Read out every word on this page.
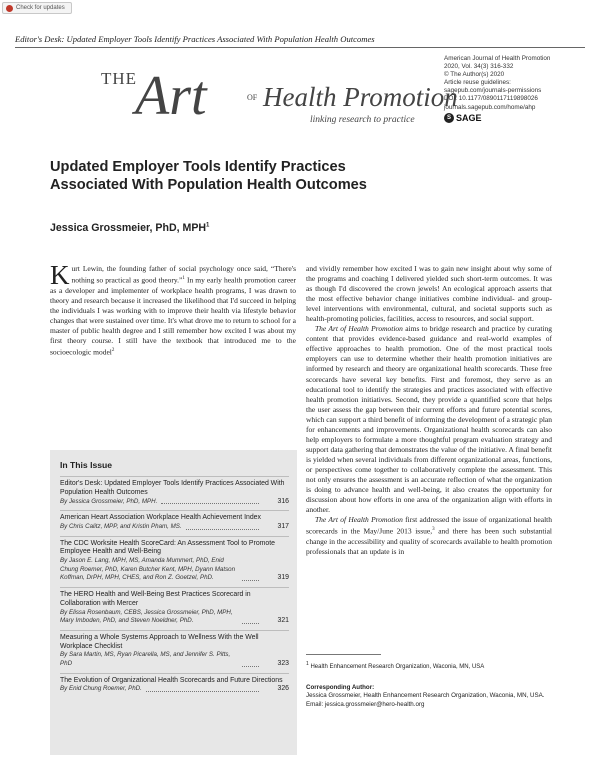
Check for updates
Editor's Desk: Updated Employer Tools Identify Practices Associated With Population Health Outcomes
THE
Art	OF Health Promotion
linking research to practice
American Journal of Health Promotion
2020, Vol. 34(3) 316-332
© The Author(s) 2020
Article reuse guidelines:
sagepub.com/journals-permissions
DOI: 10.1177/0890117119898026
journals.sagepub.com/home/ahp
S SAGE
Updated Employer Tools Identify Practices
Associated With Population Health Outcomes
Jessica Grossmeier, PhD, MPH$^1$

Kurt Lewin, the founding father of social psychology once said, “There's nothing so practical as good theory.”$^1$ In my early health promotion career as a developer and implementer of workplace health programs, I was drawn to theory and research because it increased the likelihood that I'd succeed in helping the individuals I was working with to improve their health via lifestyle behavior changes that were sustained over time. It's what drove me to return to school for a master of public health degree and I still remember how excited I was about my first theory course. I still have the textbook that introduced me to the socioecologic model$^2$

and vividly remember how excited I was to gain new insight about why some of the programs and coaching I delivered yielded such short-term outcomes. It was as though I'd discovered the crown jewels! An ecological approach asserts that the most effective behavior change initiatives combine individual- and group-level interventions with environmental, cultural, and societal supports such as health-promoting policies, facilities, access to resources, and social support.

The Art of Health Promotion aims to bridge research and practice by curating content that provides evidence-based guidance and real-world examples of effective approaches to health promotion. One of the most practical tools employers can use to determine whether their health promotion initiatives are informed by research and theory are organizational health scorecards. These free scorecards have several key benefits. First and foremost, they serve as an educational tool to identify the strategies and practices associated with effective health promotion initiatives. Second, they provide a quantified score that helps the user assess the gap between their current efforts and future potential scores, which can support a third benefit of informing the development of a strategic plan for enhancements and improvements. Organizational health scorecards can also help employers to formulate a more thoughtful program evaluation strategy and support data gathering that demonstrates the value of the initiative. A final benefit is yielded when several individuals from different organizational areas, functions, or perspectives come together to collaboratively complete the assessment. This not only ensures the assessment is an accurate reflection of what the organization is doing to advance health and well-being, it also creates the opportunity for discussion about how efforts in one area of the organization align with efforts in another.

The Art of Health Promotion first addressed the issue of organizational health scorecards in the May/June 2013 issue,$^3$ and there has been such substantial change in the accessibility and quality of scorecards available to health promotion professionals that an update is in

In This Issue
Editor's Desk: Updated Employer Tools Identify Practices Associated With Population Health Outcomes
By Jessica Grossmeier, PhD, MPH.	316
American Heart Association Workplace Health Achievement Index
By Chris Calitz, MPP, and Kristin Pham, MS.	317
The CDC Worksite Health ScoreCard: An Assessment Tool to Promote Employee Health and Well-Being
By Jason E. Lang, MPH, MS, Amanda Mummert, PhD, Enid Chung Roemer, PhD, Karen Butcher Kent, MPH, Dyann Matson Koffman, DrPH, MPH, CHES, and Ron Z. Goetzel, PhD.	319
The HERO Health and Well-Being Best Practices Scorecard in Collaboration with Mercer
By Elissa Rosenbaum, CEBS, Jessica Grossmeier, PhD, MPH, Mary Imboden, PhD, and Steven Noeldner, PhD.	321
Measuring a Whole Systems Approach to Wellness With the Well Workplace Checklist
By Sara Martin, MS, Ryan Picarella, MS, and Jennifer S. Pitts, PhD	323
The Evolution of Organizational Health Scorecards and Future Directions
By Enid Chung Roemer, PhD.	326
$^1$ Health Enhancement Research Organization, Waconia, MN, USA
Corresponding Author:
Jessica Grossmeier, Health Enhancement Research Organization, Waconia, MN, USA.
Email: jessica.grossmeier@hero-health.org
